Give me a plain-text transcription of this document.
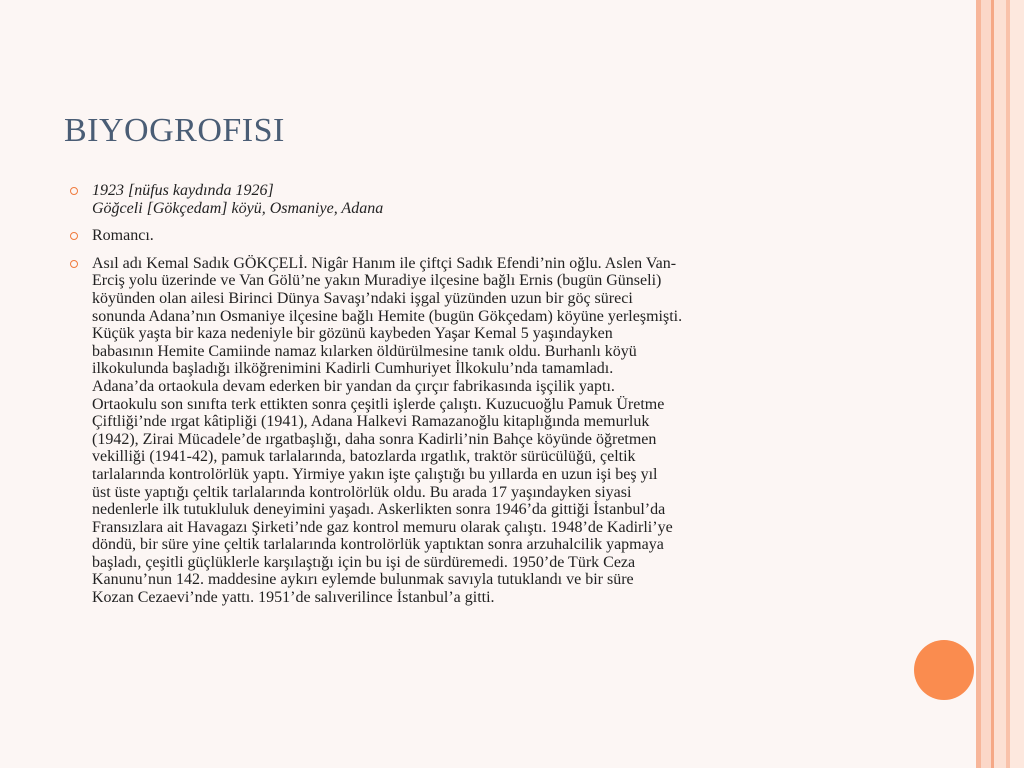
BIYOGROFISI
1923 [nüfus kaydında 1926]
Göğceli [Gökçedam] köyü, Osmaniye, Adana
Romancı.
Asıl adı Kemal Sadık GÖKÇELİ. Nigâr Hanım ile çiftçi Sadık Efendi’nin oğlu. Aslen Van-
Erciş yolu üzerinde ve Van Gölü’ne yakın Muradiye ilçesine bağlı Ernis (bugün Günseli)
köyünden olan ailesi Birinci Dünya Savaşı’ndaki işgal yüzünden uzun bir göç süreci
sonunda Adana’nın Osmaniye ilçesine bağlı Hemite (bugün Gökçedam) köyüne yerleşmişti.
Küçük yaşta bir kaza nedeniyle bir gözünü kaybeden Yaşar Kemal 5 yaşındayken
babasının Hemite Camiinde namaz kılarken öldürülmesine tanık oldu. Burhanlı köyü
ilkokulunda başladığı ilköğrenimini Kadirli Cumhuriyet İlkokulu’nda tamamladı.
Adana’da ortaokula devam ederken bir yandan da çırçır fabrikasında işçilik yaptı.
Ortaokulu son sınıfta terk ettikten sonra çeşitli işlerde çalıştı. Kuzucuoğlu Pamuk Üretme
Çiftliği’nde ırgat kâtipliği (1941), Adana Halkevi Ramazanoğlu kitaplığında memurluk
(1942), Zirai Mücadele’de ırgatbaşlığı, daha sonra Kadirli’nin Bahçe köyünde öğretmen
vekilliği (1941-42), pamuk tarlalarında, batozlarda ırgatlık, traktör sürücülüğü, çeltik
tarlalarında kontrolörlük yaptı. Yirmiye yakın işte çalıştığı bu yıllarda en uzun işi beş yıl
üst üste yaptığı çeltik tarlalarında kontrolörlük oldu. Bu arada 17 yaşındayken siyasi
nedenlerle ilk tutukluluk deneyimini yaşadı. Askerlikten sonra 1946’da gittiği İstanbul’da
Fransızlara ait Havagazı Şirketi’nde gaz kontrol memuru olarak çalıştı. 1948’de Kadirli’ye
döndü, bir süre yine çeltik tarlalarında kontrolörlük yaptıktan sonra arzuhalcilik yapmaya
başladı, çeşitli güçlüklerle karşılaştığı için bu işi de sürdüremedi. 1950’de Türk Ceza
Kanunu’nun 142. maddesine aykırı eylemde bulunmak savıyla tutuklandı ve bir süre
Kozan Cezaevi’nde yattı. 1951’de salıverilince İstanbul’a gitti.
